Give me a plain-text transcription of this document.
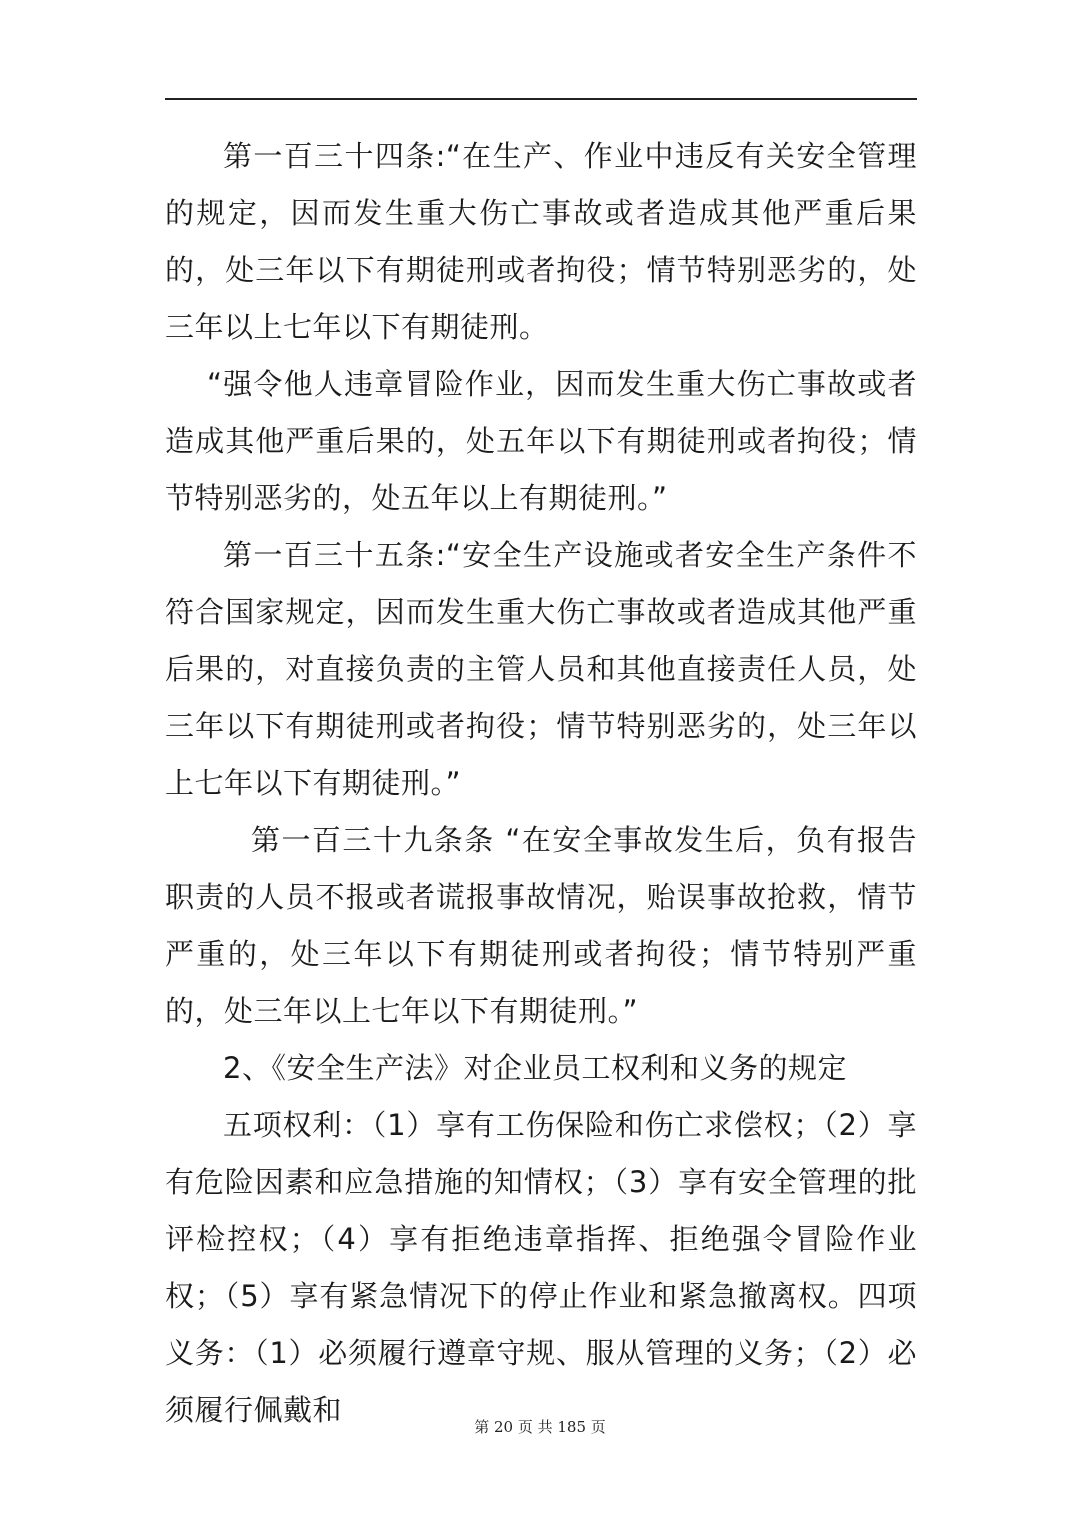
第一百三十四条:“在生产、作业中违反有关安全管理的规定，因而发生重大伤亡事故或者造成其他严重后果的，处三年以下有期徒刑或者拘役；情节特别恶劣的，处三年以上七年以下有期徒刑。

“强令他人违章冒险作业，因而发生重大伤亡事故或者造成其他严重后果的，处五年以下有期徒刑或者拘役；情节特别恶劣的，处五年以上有期徒刑。”

第一百三十五条:“安全生产设施或者安全生产条件不符合国家规定，因而发生重大伤亡事故或者造成其他严重后果的，对直接负责的主管人员和其他直接责任人员，处三年以下有期徒刑或者拘役；情节特别恶劣的，处三年以上七年以下有期徒刑。”

第一百三十九条条 “在安全事故发生后，负有报告职责的人员不报或者谎报事故情况，贻误事故抢救，情节严重的，处三年以下有期徒刑或者拘役；情节特别严重的，处三年以上七年以下有期徒刑。”

2、《安全生产法》对企业员工权利和义务的规定

五项权利：（1）享有工伤保险和伤亡求偿权；（2）享有危险因素和应急措施的知情权；（3）享有安全管理的批评检控权；（4）享有拒绝违章指挥、拒绝强令冒险作业权；（5）享有紧急情况下的停止作业和紧急撤离权。四项义务：（1）必须履行遵章守规、服从管理的义务；（2）必须履行佩戴和	第 20 页 共 185 页
